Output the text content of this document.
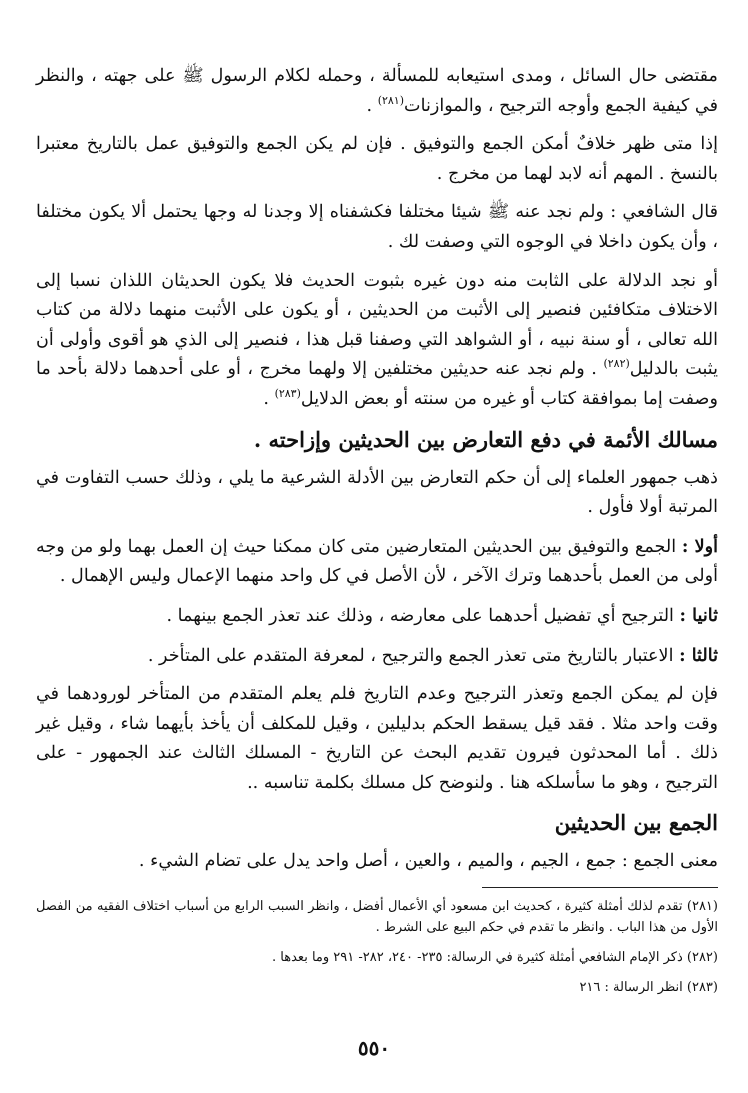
مقتضى حال السائل ، ومدى استيعابه للمسألة ، وحمله لكلام الرسول ﷺ على جهته ، والنظر في كيفية الجمع وأوجه الترجيح ، والموازنات$^{(٢٨١)}$ .

إذا متى ظهر خلافٌ أمكن الجمع والتوفيق . فإن لم يكن الجمع والتوفيق عمل بالتاريخ معتبرا بالنسخ . المهم أنه لابد لهما من مخرج .

قال الشافعي : ولم نجد عنه ﷺ شيئا مختلفا فكشفناه إلا وجدنا له وجها يحتمل ألا يكون مختلفا ، وأن يكون داخلا في الوجوه التي وصفت لك .

أو نجد الدلالة على الثابت منه دون غيره بثبوت الحديث فلا يكون الحديثان اللذان نسبا إلى الاختلاف متكافئين فنصير إلى الأثبت من الحديثين ، أو يكون على الأثبت منهما دلالة من كتاب الله تعالى ، أو سنة نبيه ، أو الشواهد التي وصفنا قبل هذا ، فنصير إلى الذي هو أقوى وأولى أن يثبت بالدليل$^{(٢٨٢)}$ . ولم نجد عنه حديثين مختلفين إلا ولهما مخرج ، أو على أحدهما دلالة بأحد ما وصفت إما بموافقة كتاب أو غيره من سنته أو بعض الدلايل$^{(٢٨٣)}$ .

مسالك الأئمة في دفع التعارض بين الحديثين وإزاحته .

ذهب جمهور العلماء إلى أن حكم التعارض بين الأدلة الشرعية ما يلي ، وذلك حسب التفاوت في المرتبة أولا فأول .

أولا : الجمع والتوفيق بين الحديثين المتعارضين متى كان ممكنا حيث إن العمل بهما ولو من وجه أولى من العمل بأحدهما وترك الآخر ، لأن الأصل في كل واحد منهما الإعمال وليس الإهمال .

ثانيا : الترجيح أي تفضيل أحدهما على معارضه ، وذلك عند تعذر الجمع بينهما .

ثالثا : الاعتبار بالتاريخ متى تعذر الجمع والترجيح ، لمعرفة المتقدم على المتأخر .

فإن لم يمكن الجمع وتعذر الترجيح وعدم التاريخ فلم يعلم المتقدم من المتأخر لورودهما في وقت واحد مثلا . فقد قيل يسقط الحكم بدليلين ، وقيل للمكلف أن يأخذ بأيهما شاء ، وقيل غير ذلك . أما المحدثون فيرون تقديم البحث عن التاريخ - المسلك الثالث عند الجمهور - على الترجيح ، وهو ما سأسلكه هنا . ولنوضح كل مسلك بكلمة تناسبه ..

الجمع بين الحديثين

معنى الجمع : جمع ، الجيم ، والميم ، والعين ، أصل واحد يدل على تضام الشيء .

(٢٨١) تقدم لذلك أمثلة كثيرة ، كحديث ابن مسعود أي الأعمال أفضل ، وانظر السبب الرابع من أسباب اختلاف الفقيه من الفصل الأول من هذا الباب . وانظر ما تقدم في حكم البيع على الشرط .

(٢٨٢) ذكر الإمام الشافعي أمثلة كثيرة في الرسالة: ٢٣٥- ٢٤٠، ٢٨٢- ٢٩١ وما بعدها .

(٢٨٣) انظر الرسالة : ٢١٦

٥٥٠
